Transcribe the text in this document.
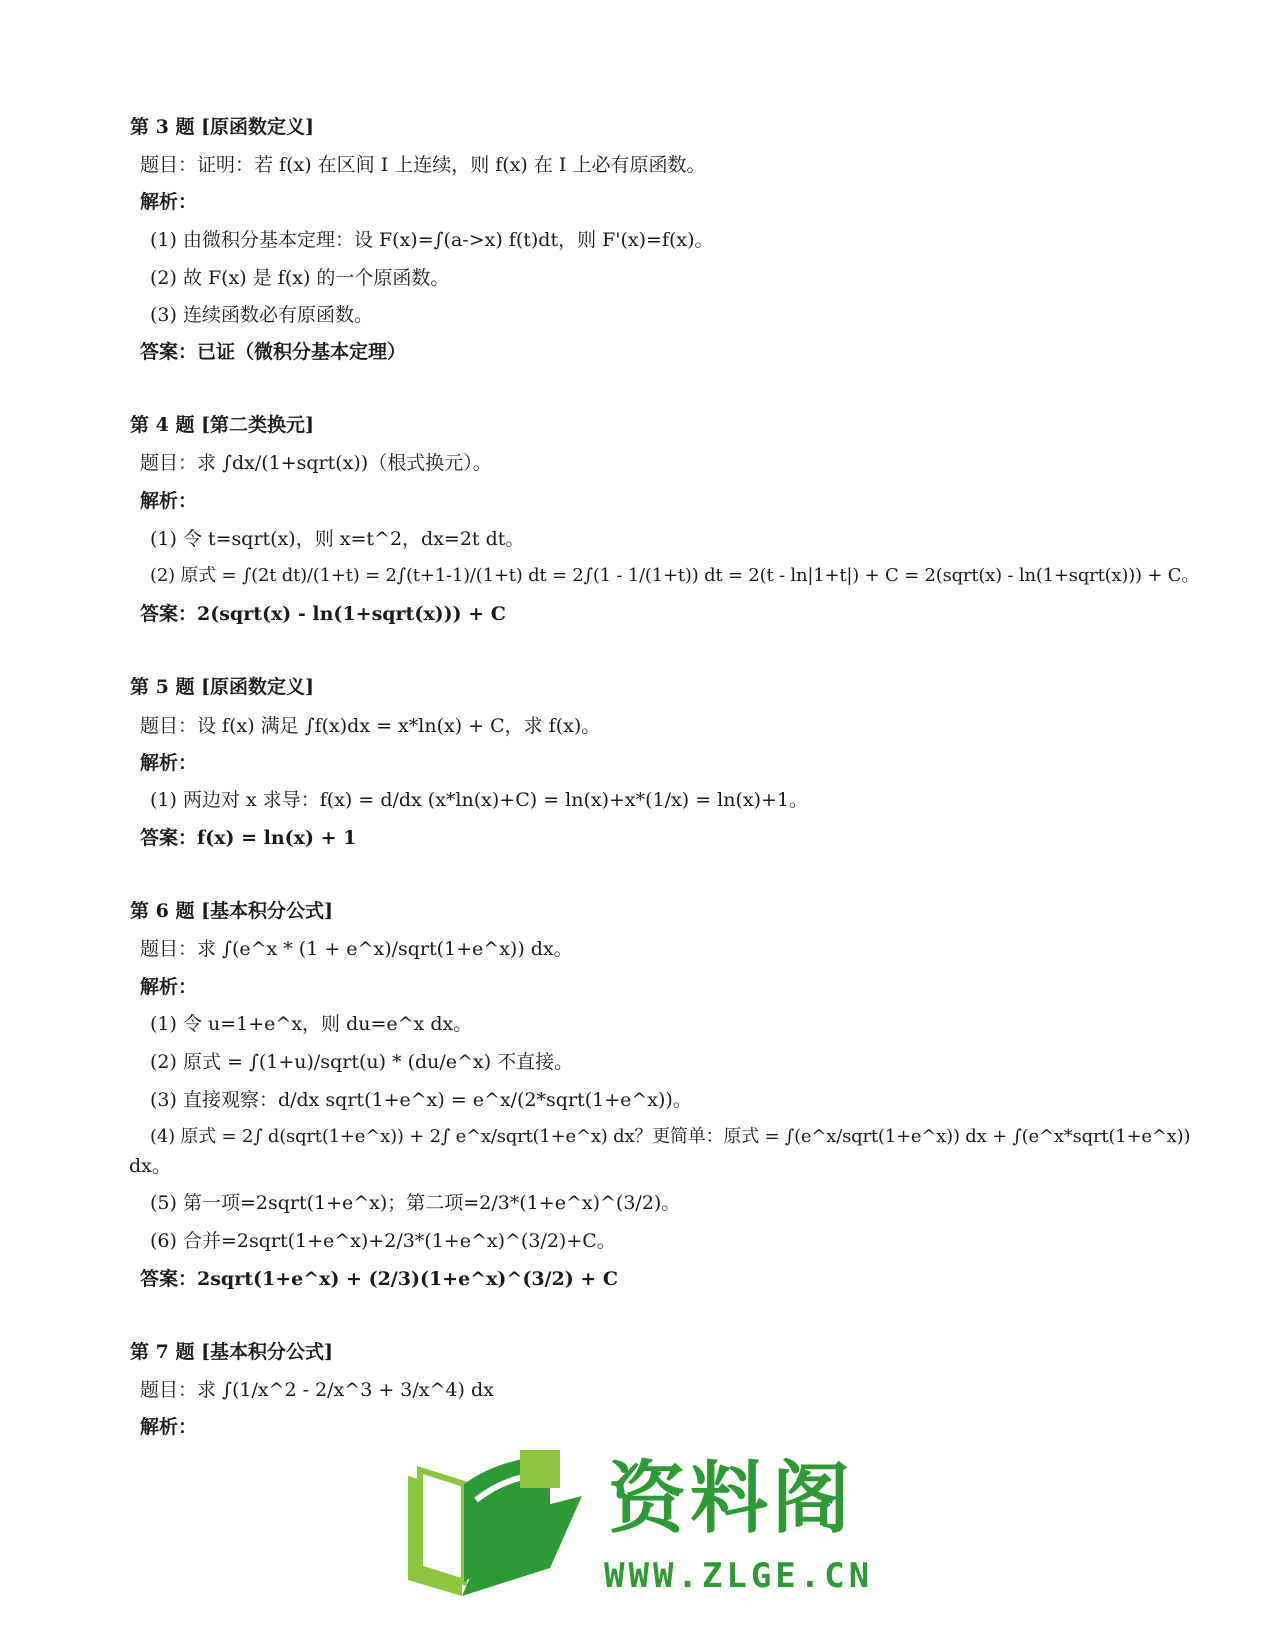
第 3 题 [原函数定义]
题目：证明：若 f(x) 在区间 I 上连续，则 f(x) 在 I 上必有原函数。
解析：
(1) 由微积分基本定理：设 F(x)=∫(a->x) f(t)dt，则 F'(x)=f(x)。
(2) 故 F(x) 是 f(x) 的一个原函数。
(3) 连续函数必有原函数。
答案：已证（微积分基本定理）
第 4 题 [第二类换元]
题目：求 ∫dx/(1+sqrt(x))（根式换元）。
解析：
(1) 令 t=sqrt(x)，则 x=t^2，dx=2t dt。
(2) 原式 = ∫(2t dt)/(1+t) = 2∫(t+1-1)/(1+t) dt = 2∫(1 - 1/(1+t)) dt = 2(t - ln|1+t|) + C = 2(sqrt(x) - ln(1+sqrt(x))) + C。
答案：2(sqrt(x) - ln(1+sqrt(x))) + C
第 5 题 [原函数定义]
题目：设 f(x) 满足 ∫f(x)dx = x*ln(x) + C，求 f(x)。
解析：
(1) 两边对 x 求导：f(x) = d/dx (x*ln(x)+C) = ln(x)+x*(1/x) = ln(x)+1。
答案：f(x) = ln(x) + 1
第 6 题 [基本积分公式]
题目：求 ∫(e^x * (1 + e^x)/sqrt(1+e^x)) dx。
解析：
(1) 令 u=1+e^x，则 du=e^x dx。
(2) 原式 = ∫(1+u)/sqrt(u) * (du/e^x) 不直接。
(3) 直接观察：d/dx sqrt(1+e^x) = e^x/(2*sqrt(1+e^x))。
(4) 原式 = 2∫ d(sqrt(1+e^x)) + 2∫ e^x/sqrt(1+e^x) dx？更简单：原式 = ∫(e^x/sqrt(1+e^x)) dx + ∫(e^x*sqrt(1+e^x))
dx。
(5) 第一项=2sqrt(1+e^x)；第二项=2/3*(1+e^x)^(3/2)。
(6) 合并=2sqrt(1+e^x)+2/3*(1+e^x)^(3/2)+C。
答案：2sqrt(1+e^x) + (2/3)(1+e^x)^(3/2) + C
第 7 题 [基本积分公式]
题目：求 ∫(1/x^2 - 2/x^3 + 3/x^4) dx
解析：
资料阁
WWW.ZLGE.CN
